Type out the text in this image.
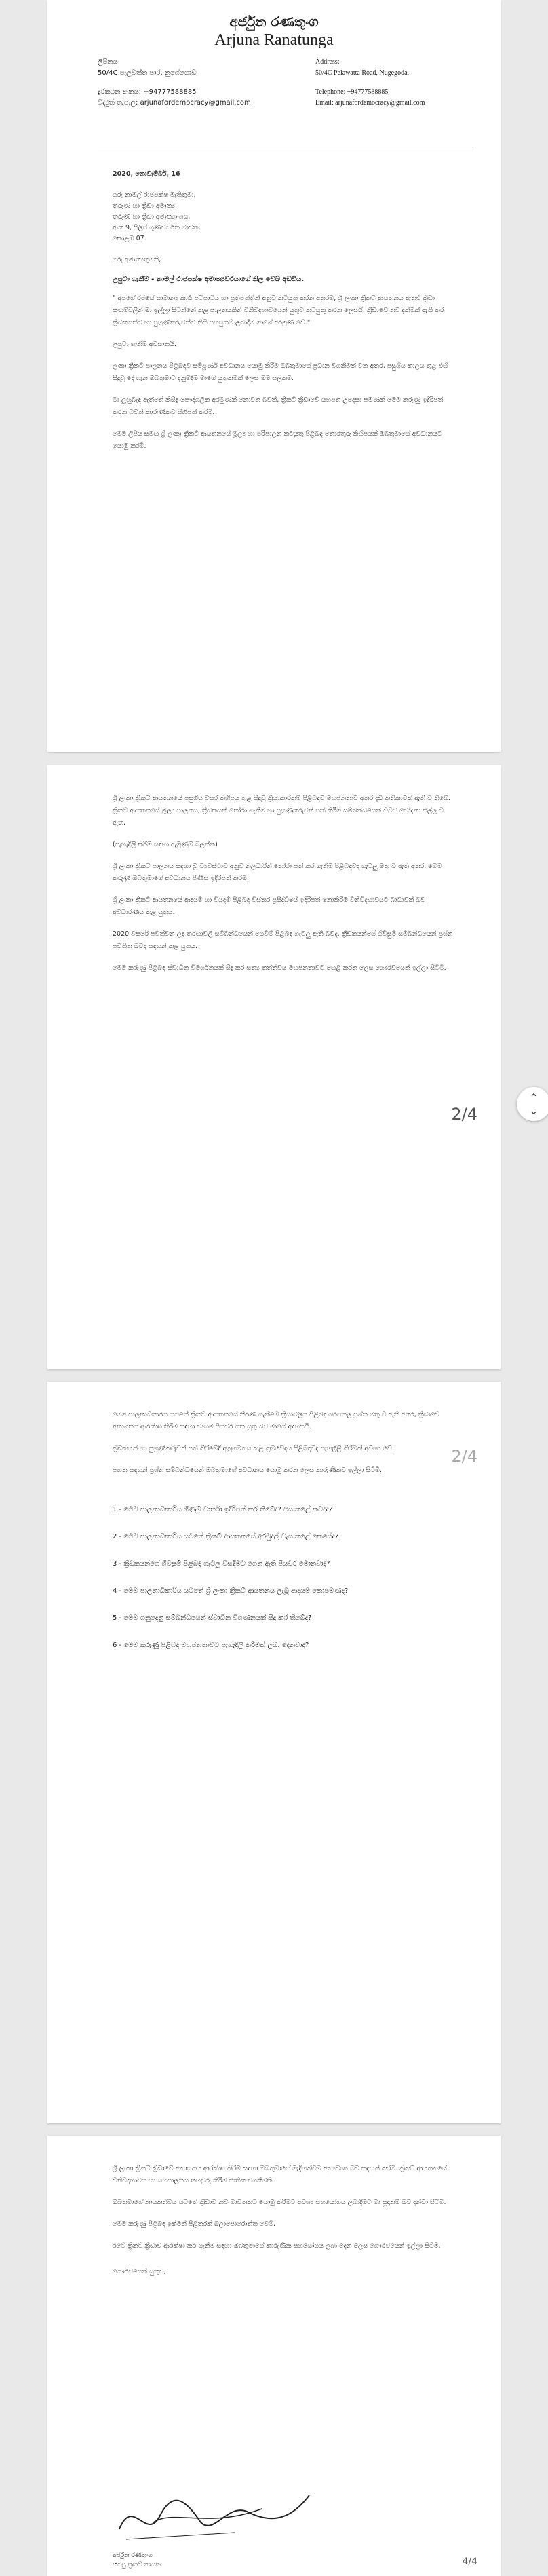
අර්ජුන රණතුංග
Arjuna Ranatunga
ලිපිනය:
50/4C පැලවත්ත පාර, නුගේගොඩ
දුරකථන අංකය: +94777588885
විද්‍යුත් තැපෑල: arjunafordemocracy@gmail.com
Address:
50/4C Pelawatta Road, Nugegoda.
Telephone: +94777588885
Email: arjunafordemocracy@gmail.com

2020, නොවැම්බර්, 16

ගරු නාමල් රාජපක්ෂ මැතිතුමා,
තරුණ හා ක්‍රීඩා අමාත්‍ය,
තරුණ හා ක්‍රීඩා අමාත්‍යාංශය,
අංක 9, පිලිප් ගුණවර්ධන මාවත,
කොළඹ 07.

ගරු අමාත්‍යතුමනි,

උපුටා ගැනීම - නාමල් රාජපක්ෂ අමාත්‍යවරයාගේ නිල වෙබ් අඩවිය.

" අපගේ රජයේ සාමාන්‍ය කාර්‍ය පටිපාටිය හා ප්‍රතිපත්තීන් අනුව කටයුතු කරන අතරම, ශ්‍රී ලංකා ක්‍රිකට් ආයතනය ඇතුළු ක්‍රීඩා සංගම්වලින් මා ඉල්ලා සිටින්නේ කළ පාලනයකින් විනිවිදභාවයෙන් යුතුව කටයුතු කරන ලෙසයි. ක්‍රීඩාවේ නව දැක්මක් ඇති කර ක්‍රීඩකයන්ට හා පුහුණුකරුවන්ට නිසි පහසුකම් ලබාදීම මාගේ අරමුණ වේ."

උපුටා ගැනීම් අවසානයි.

ලංකා ක්‍රිකට් පාලනය පිළිබඳව සම්පූර්ණ අවධානය යොමු කිරීම ඔබතුමාගේ ප්‍රධාන වගකීමක් වන අතර, පසුගිය කාලය තුළ එහි සිදුවූ දේ ගැන ඔබතුමාට දැනුම්දීම මාගේ යුතුකමක් ලෙස මම සලකමි.

මා ලුහුබැඳ ඇත්තේ කිසිදු පෞද්ගලික අරමුණක් නොවන බවත්, ක්‍රිකට් ක්‍රීඩාවේ යහපත උදෙසා පමණක් මෙම කරුණු ඉදිරිපත් කරන බවත් කාරුණිකව සිහිපත් කරමි.

මෙම ලිපිය සමඟ ශ්‍රී ලංකා ක්‍රිකට් ආයතනයේ මූල්‍ය හා පරිපාලන කටයුතු පිළිබඳ තොරතුරු කිහිපයක් ඔබතුමාගේ අවධානයට යොමු කරමි.

ශ්‍රී ලංකා ක්‍රිකට් ආයතනයේ පසුගිය වසර කිහිපය තුළ සිදුවූ ක්‍රියාකාරකම් පිළිබඳව මහජනතාව අතර දැඩි කතිකාවක් ඇති වී තිබේ. ක්‍රිකට් ආයතනයේ මූල්‍ය පාලනය, ක්‍රීඩකයන් තෝරා ගැනීම හා පුහුණුකරුවන් පත් කිරීම සම්බන්ධයෙන් විවිධ චෝදනා එල්ල වී ඇත.

(පැහැදිලි කිරීම් සඳහා ඇමුණුම් බලන්න)

ශ්‍රී ලංකා ක්‍රිකට් පාලනය සඳහා වූ ව්‍යවස්ථාව අනුව නිලධාරීන් තෝරා පත් කර ගැනීම පිළිබඳවද ගැටලු මතු වී ඇති අතර, මෙම කරුණු ඔබතුමාගේ අවධානය පිණිස ඉදිරිපත් කරමි.

ශ්‍රී ලංකා ක්‍රිකට් ආයතනයේ ආදායම් හා වියදම් පිළිබඳ විස්තර ප්‍රසිද්ධියේ ඉදිරිපත් නොකිරීම විනිවිදභාවයට බාධාවක් බව අවධාරණය කළ යුතුය.

2020 වසරේ පවත්වන ලද තරඟාවලි සම්බන්ධයෙන් ගෙවීම් පිළිබඳ ගැටලු ඇති බවද, ක්‍රීඩකයන්ගේ ගිවිසුම් සම්බන්ධයෙන් ප්‍රශ්න පවතින බවද සඳහන් කළ යුතුය.

මෙම කරුණු පිළිබඳ ස්වාධීන විමර්ශනයක් සිදු කර සත්‍ය තත්ත්වය මහජනතාවට හෙළි කරන ලෙස ගෞරවයෙන් ඉල්ලා සිටිමි.

2/4
⌃
⌄

මෙම පාලනාධිකාරය යටතේ ක්‍රිකට් ආයතනයේ තීරණ ගැනීමේ ක්‍රියාවලිය පිළිබඳ බරපතල ප්‍රශ්න මතු වී ඇති අතර, ක්‍රීඩාවේ අනාගතය ආරක්ෂා කිරීම සඳහා වහාම පියවර ගත යුතු බව මාගේ අදහසයි.

ක්‍රීඩකයන් හා පුහුණුකරුවන් පත් කිරීමේදී අනුගමනය කළ ක්‍රමවේදය පිළිබඳවද පැහැදිලි කිරීමක් අවශ්‍ය වේ.

පහත සඳහන් ප්‍රශ්න සම්බන්ධයෙන් ඔබතුමාගේ අවධානය යොමු කරන ලෙස කාරුණිකව ඉල්ලා සිටිමි.

1 - මෙම පාලනාධිකාරිය ගිණුම් වාර්තා ඉදිරිපත් කර තිබේද? එය කළේ කවදාද?

2 - මෙම පාලනාධිකාරිය යටතේ ක්‍රිකට් ආයතනයේ අරමුදල් වැය කළේ කෙසේද?

3 - ක්‍රීඩකයන්ගේ ගිවිසුම් පිළිබඳ ගැටලු විසඳීමට ගෙන ඇති පියවර මොනවාද?

4 - මෙම පාලනාධිකාරිය යටතේ ශ්‍රී ලංකා ක්‍රිකට් ආයතනය ලැබූ ආදායම කොපමණද?

5 - මෙම ගනුදෙනු සම්බන්ධයෙන් ස්වාධීන විගණනයක් සිදු කර තිබේද?

6 - මෙම කරුණු පිළිබඳ මහජනතාවට පැහැදිලි කිරීමක් ලබා දෙනවාද?

2/4

ශ්‍රී ලංකා ක්‍රිකට් ක්‍රීඩාවේ අනාගතය ආරක්ෂා කිරීම සඳහා ඔබතුමාගේ මැදිහත්වීම අත්‍යවශ්‍ය බව සඳහන් කරමි. ක්‍රිකට් ආයතනයේ විනිවිදභාවය හා යහපාලනය තහවුරු කිරීම ජාතික වගකීමකි.

ඔබතුමාගේ නායකත්වය යටතේ ක්‍රීඩාව නව මාවතකට යොමු කිරීමට අවශ්‍ය සහයෝගය ලබාදීමට මා සූදානම් බව දන්වා සිටිමි.

මෙම කරුණු පිළිබඳ ඉක්මන් පිළිතුරක් බලාපොරොත්තු වෙමි.

රටේ ක්‍රිකට් ක්‍රීඩාව ආරක්ෂා කර ගැනීම සඳහා ඔබතුමාගේ කාරුණික සහයෝගය ලබා දෙන ලෙස ගෞරවයෙන් ඉල්ලා සිටිමි.

ගෞරවයෙන් යුතුව,

අර්ජුන රණතුංග
හිටපු ක්‍රිකට් නායක	4/4
